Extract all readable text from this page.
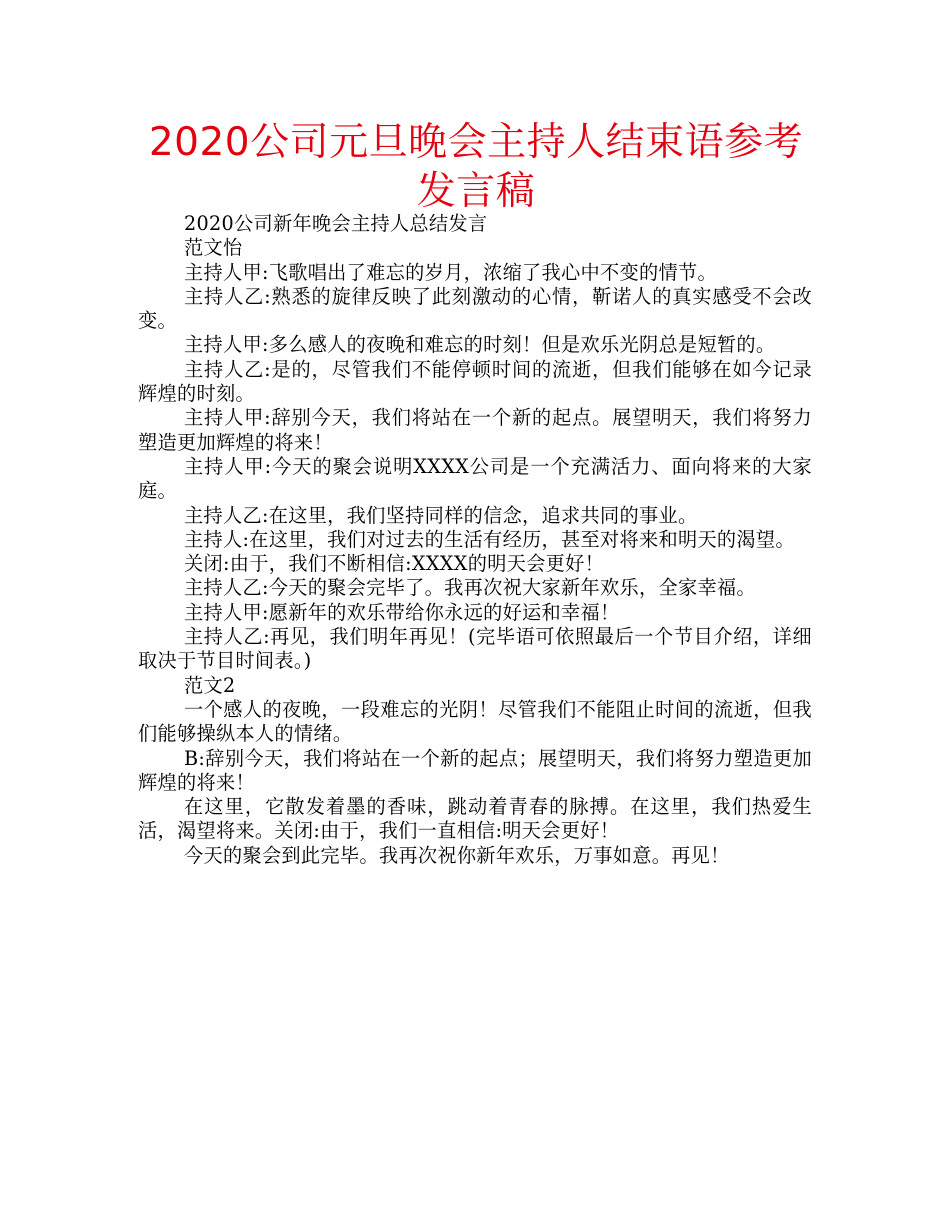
2020公司元旦晚会主持人结束语参考发言稿

2020公司新年晚会主持人总结发言

范文怡

主持人甲:飞歌唱出了难忘的岁月，浓缩了我心中不变的情节。

主持人乙:熟悉的旋律反映了此刻激动的心情，靳诺人的真实感受不会改变。

主持人甲:多么感人的夜晚和难忘的时刻！但是欢乐光阴总是短暂的。

主持人乙:是的，尽管我们不能停顿时间的流逝，但我们能够在如今记录辉煌的时刻。

主持人甲:辞别今天，我们将站在一个新的起点。展望明天，我们将努力塑造更加辉煌的将来！

主持人甲:今天的聚会说明XXXX公司是一个充满活力、面向将来的大家庭。

主持人乙:在这里，我们坚持同样的信念，追求共同的事业。

主持人:在这里，我们对过去的生活有经历，甚至对将来和明天的渴望。

关闭:由于，我们不断相信:XXXX的明天会更好！

主持人乙:今天的聚会完毕了。我再次祝大家新年欢乐，全家幸福。

主持人甲:愿新年的欢乐带给你永远的好运和幸福！

主持人乙:再见，我们明年再见！(完毕语可依照最后一个节目介绍，详细取决于节目时间表。)

范文2

一个感人的夜晚，一段难忘的光阴！尽管我们不能阻止时间的流逝，但我们能够操纵本人的情绪。

B:辞别今天，我们将站在一个新的起点；展望明天，我们将努力塑造更加辉煌的将来！

在这里，它散发着墨的香味，跳动着青春的脉搏。在这里，我们热爱生活，渴望将来。关闭:由于，我们一直相信:明天会更好！

今天的聚会到此完毕。我再次祝你新年欢乐，万事如意。再见！
